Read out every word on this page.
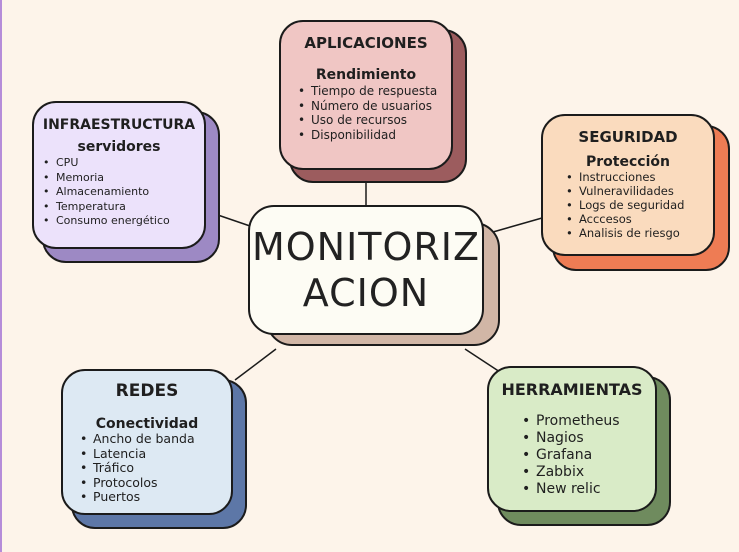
MONITORIZ
ACION
APLICACIONES
Rendimiento
• Tiempo de respuesta
• Número de usuarios
• Uso de recursos
• Disponibilidad
INFRAESTRUCTURA
servidores
• CPU
• Memoria
• Almacenamiento
• Temperatura
• Consumo energético
SEGURIDAD
Protección
• Instrucciones
• Vulneravilidades
• Logs de seguridad
• Acccesos
• Analisis de riesgo
REDES
Conectividad
• Ancho de banda
• Latencia
• Tráfico
• Protocolos
• Puertos
HERRAMIENTAS
• Prometheus
• Nagios
• Grafana
• Zabbix
• New relic
